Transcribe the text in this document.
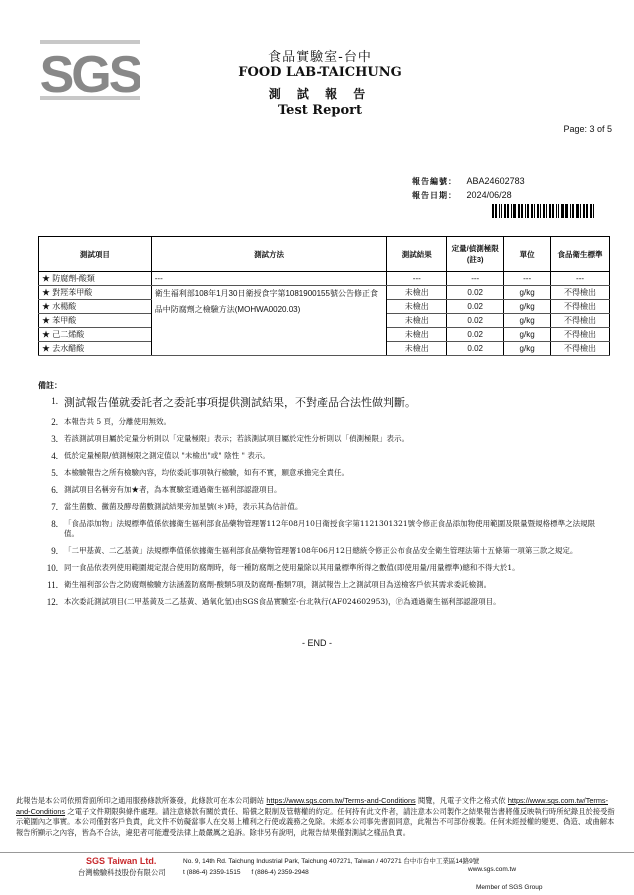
SGS	食品實驗室-台中
FOOD LAB-TAICHUNG
測 試 報 告
Test Report
Page: 3 of 5
報告編號： ABA24602783
報告日期： 2024/06/28
測試項目	測試方法	測試結果	定量/偵測極限(註3)	單位	食品衛生標準
★ 防腐劑-酸類	---	---	---	---	---
★ 對羥苯甲酸	衛生福利部108年1月30日衛授食字第1081900155號公告修正食品中防腐劑之檢驗方法(MOHWA0020.03)	未檢出	0.02	g/kg	不得檢出
★ 水楊酸		未檢出	0.02	g/kg	不得檢出
★ 苯甲酸		未檢出	0.02	g/kg	不得檢出
★ 己二烯酸		未檢出	0.02	g/kg	不得檢出
★ 去水醋酸		未檢出	0.02	g/kg	不得檢出
備註：
1. 測試報告僅就委託者之委託事項提供測試結果，不對產品合法性做判斷。
2. 本報告共 5 頁，分離使用無效。
3. 若該測試項目屬於定量分析則以「定量極限」表示；若該測試項目屬於定性分析則以「偵測極限」表示。
4. 低於定量極限/偵測極限之測定值以 "未檢出"或" 陰性 " 表示。
5. 本檢驗報告之所有檢驗內容，均依委託事項執行檢驗，如有不實，願意承擔完全責任。
6. 測試項目名稱旁有加★者，為本實驗室通過衛生福利部認證項目。
7. 當生菌數、黴菌及酵母菌數測試結果旁加星號(＊)時，表示其為估計值。
8. 「食品添加物」法規標準值係依據衛生福利部食品藥物管理署112年08月10日衛授食字第1121301321號令修正食品添加物使用範圍及限量暨規格標準之法規限值。
9. 「二甲基黃、二乙基黃」法規標準值係依據衛生福利部食品藥物管理署108年06月12日總統令修正公布食品安全衛生管理法第十五條第一項第三款之規定。
10. 同一食品依表列使用範圍規定混合使用防腐劑時，每一種防腐劑之使用量除以其用量標準所得之數值(即使用量/用量標準)總和不得大於1。
11. 衛生福利部公告之防腐劑檢驗方法涵蓋防腐劑-酸類5項及防腐劑-酯類7項，測試報告上之測試項目為送檢客戶依其需求委託檢測。
12. 本次委託測試項目(二甲基黃及二乙基黃、過氧化氫)由SGS食品實驗室-台北執行(AF024602953)，Ⓟ為通過衛生福利部認證項目。
- END -
此報告是本公司依照背面所印之通用服務條款所簽發，此條款可在本公司網站 https://www.sgs.com.tw/Terms-and-Conditions 閱覽，凡電子文件之格式依 https://www.sgs.com.tw/Terms-and-Conditions 之電子文件期限與條件處理。請注意條款有關於責任、賠償之限制及管轄權的約定。任何持有此文件者，請注意本公司製作之結果報告書將僅反映執行時所紀錄且於接受指示範圍內之事實。本公司僅對客戶負責，此文件不妨礙當事人在交易上權利之行使或義務之免除。未經本公司事先書面同意，此報告不可部份複製。任何未經授權的變更、偽造、或曲解本報告所顯示之內容，皆為不合法，違犯者可能遭受法律上最嚴厲之追訴。除非另有說明，此報告結果僅對測試之樣品負責。
SGS Taiwan Ltd.
台灣檢驗科技股份有限公司
No. 9, 14th Rd. Taichung Industrial Park, Taichung 407271, Taiwan / 407271 台中市台中工業區14路9號
t (886-4) 2359-1515 f (886-4) 2359-2948	www.sgs.com.tw
Member of SGS Group
